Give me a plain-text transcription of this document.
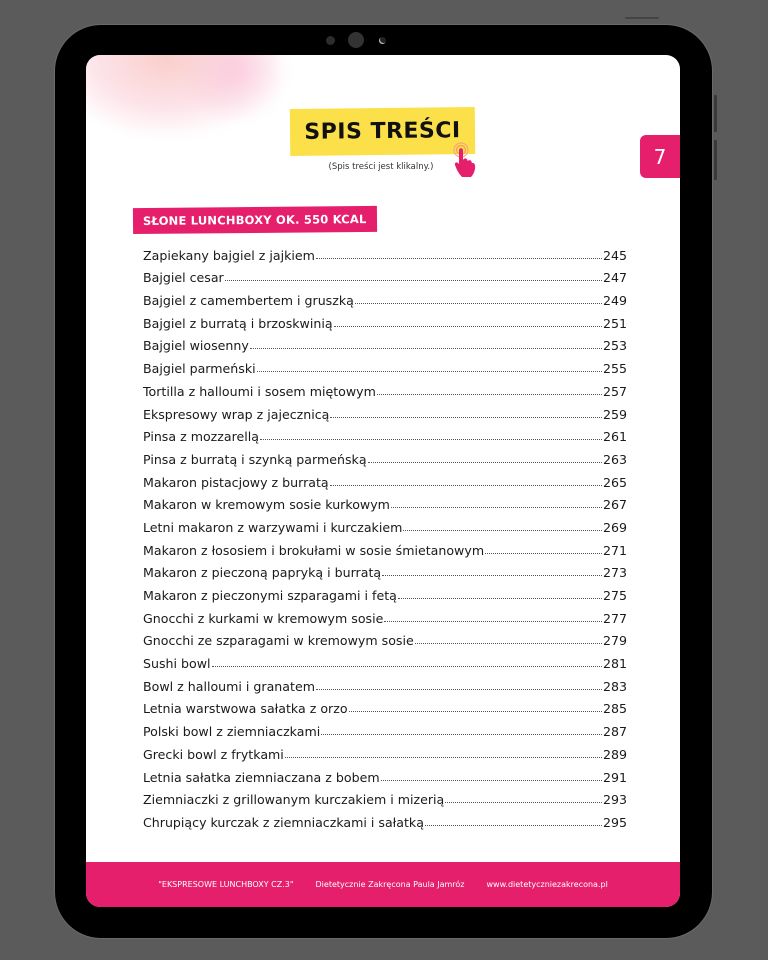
SPIS TREŚCI
(Spis treści jest klikalny.)
SŁONE LUNCHBOXY OK. 550 KCAL
Zapiekany bajgiel z jajkiem	245
Bajgiel cesar	247
Bajgiel z camembertem i gruszką	249
Bajgiel z burratą i brzoskwinią	251
Bajgiel wiosenny	253
Bajgiel parmeński	255
Tortilla z halloumi i sosem miętowym	257
Ekspresowy wrap z jajecznicą	259
Pinsa z mozzarellą	261
Pinsa z burratą i szynką parmeńską	263
Makaron pistacjowy z burratą	265
Makaron w kremowym sosie kurkowym	267
Letni makaron z warzywami i kurczakiem	269
Makaron z łososiem i brokułami w sosie śmietanowym	271
Makaron z pieczoną papryką i burratą	273
Makaron z pieczonymi szparagami i fetą	275
Gnocchi z kurkami w kremowym sosie	277
Gnocchi ze szparagami w kremowym sosie	279
Sushi bowl	281
Bowl z halloumi i granatem	283
Letnia warstwowa sałatka z orzo	285
Polski bowl z ziemniaczkami	287
Grecki bowl z frytkami	289
Letnia sałatka ziemniaczana z bobem	291
Ziemniaczki z grillowanym kurczakiem i mizerią	293
Chrupiący kurczak z ziemniaczkami i sałatką	295
"EKSPRESOWE LUNCHBOXY CZ.3"	Dietetycznie Zakręcona Paula Jamróz	www.dietetyczniezakrecona.pl
7
